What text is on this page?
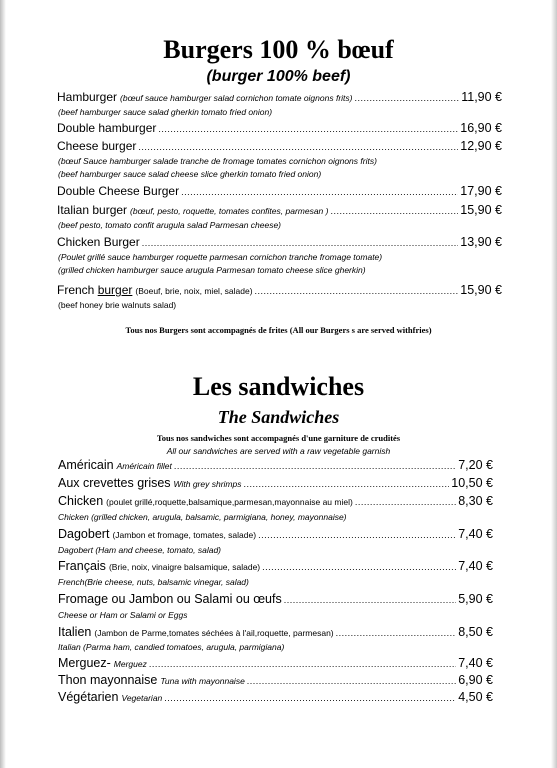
Burgers 100 % bœuf
(burger 100% beef)
Hamburger (bœuf sauce hamburger salad cornichon tomate oignons frits) .....	11,90 €
(beef hamburger sauce salad gherkin tomato fried onion)
Double hamburger .....	16,90 €
Cheese burger .....	12,90 €
(bœuf Sauce hamburger salade tranche de fromage tomates cornichon oignons frits)
(beef hamburger sauce salad cheese slice gherkin tomato fried onion)
Double Cheese Burger .....	17,90 €
Italian burger (bœuf, pesto, roquette, tomates confites, parmesan ) .....	15,90 €
(beef pesto, tomato confit arugula salad Parmesan cheese)
Chicken Burger .....	13,90 €
(Poulet grillé sauce hamburger roquette parmesan cornichon tranche fromage tomate)
(grilled chicken hamburger sauce arugula Parmesan tomato cheese slice gherkin)
French burger (Boeuf, brie, noix, miel, salade) .....	15,90 €
(beef honey brie walnuts salad)
Tous nos Burgers sont accompagnés de frites (All our Burgers s are served withfries)
Les sandwiches
The Sandwiches
Tous nos sandwiches sont accompagnés d'une garniture de crudités
All our sandwiches are served with a raw vegetable garnish
Américain Américain fillet .....	7,20 €
Aux crevettes grises With grey shrimps .....	10,50 €
Chicken (poulet grillé,roquette,balsamique,parmesan,mayonnaise au miel) .....	8,30 €
Chicken (grilled chicken, arugula, balsamic, parmigiana, honey, mayonnaise)
Dagobert (Jambon et fromage, tomates, salade) .....	7,40 €
Dagobert (Ham and cheese, tomato, salad)
Français (Brie, noix, vinaigre balsamique, salade) .....	7,40 €
French(Brie cheese, nuts, balsamic vinegar, salad)
Fromage ou Jambon ou Salami ou œufs .....	5,90 €
Cheese or Ham or Salami or Eggs
Italien (Jambon de Parme,tomates séchées à l'ail,roquette, parmesan) .....	8,50 €
Italian (Parma ham, candied tomatoes, arugula, parmigiana)
Merguez- Merguez .....	7,40 €
Thon mayonnaise Tuna with mayonnaise .....	6,90 €
Végétarien Vegetarian .....	4,50 €
